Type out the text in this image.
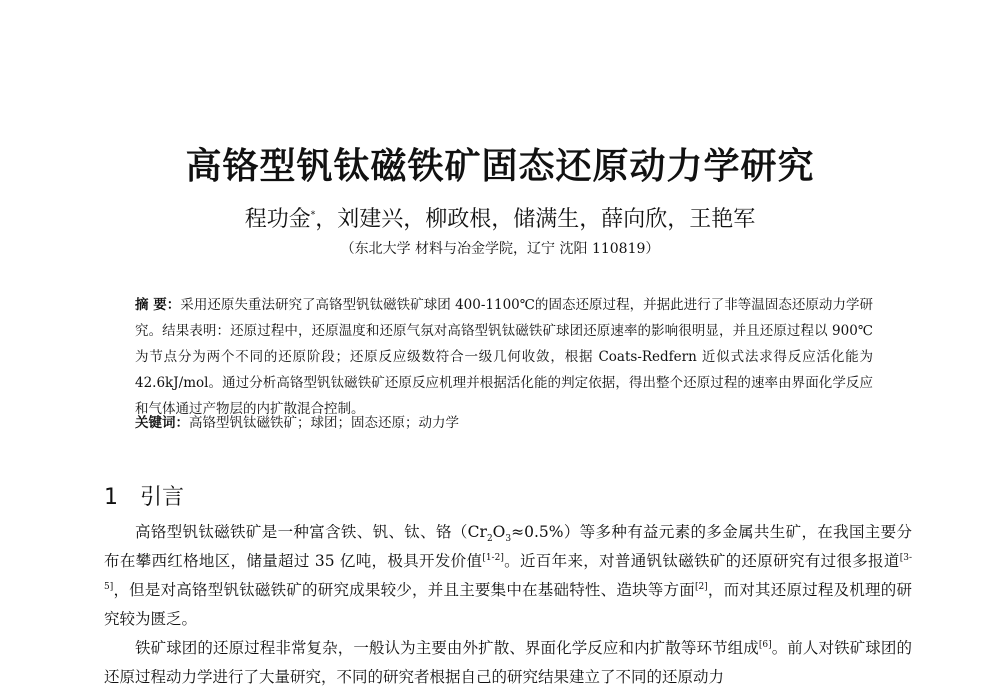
高铬型钒钛磁铁矿固态还原动力学研究
程功金*，刘建兴，柳政根，储满生，薛向欣，王艳军
（东北大学 材料与冶金学院，辽宁 沈阳 110819）
摘 要：采用还原失重法研究了高铬型钒钛磁铁矿球团 400-1100℃的固态还原过程，并据此进行了非等温固态还原动力学研究。结果表明：还原过程中，还原温度和还原气氛对高铬型钒钛磁铁矿球团还原速率的影响很明显，并且还原过程以 900℃为节点分为两个不同的还原阶段；还原反应级数符合一级几何收敛，根据 Coats-Redfern 近似式法求得反应活化能为 42.6kJ/mol。通过分析高铬型钒钛磁铁矿还原反应机理并根据活化能的判定依据，得出整个还原过程的速率由界面化学反应和气体通过产物层的内扩散混合控制。
关键词：高铬型钒钛磁铁矿；球团；固态还原；动力学
1 引言

高铬型钒钛磁铁矿是一种富含铁、钒、钛、铬$(Cr_2O_3\approx 0.5\%)$等多种有益元素的多金属共生矿，在我国主要分布在攀西红格地区，储量超过 35 亿吨，极具开发价值[1-2]。近百年来，对普通钒钛磁铁矿的还原研究有过很多报道[3-5]，但是对高铬型钒钛磁铁矿的研究成果较少，并且主要集中在基础特性、造块等方面[2]，而对其还原过程及机理的研究较为匮乏。

铁矿球团的还原过程非常复杂，一般认为主要由外扩散、界面化学反应和内扩散等环节组成[6]。前人对铁矿球团的还原过程动力学进行了大量研究，不同的研究者根据自己的研究结果建立了不同的还原动力
